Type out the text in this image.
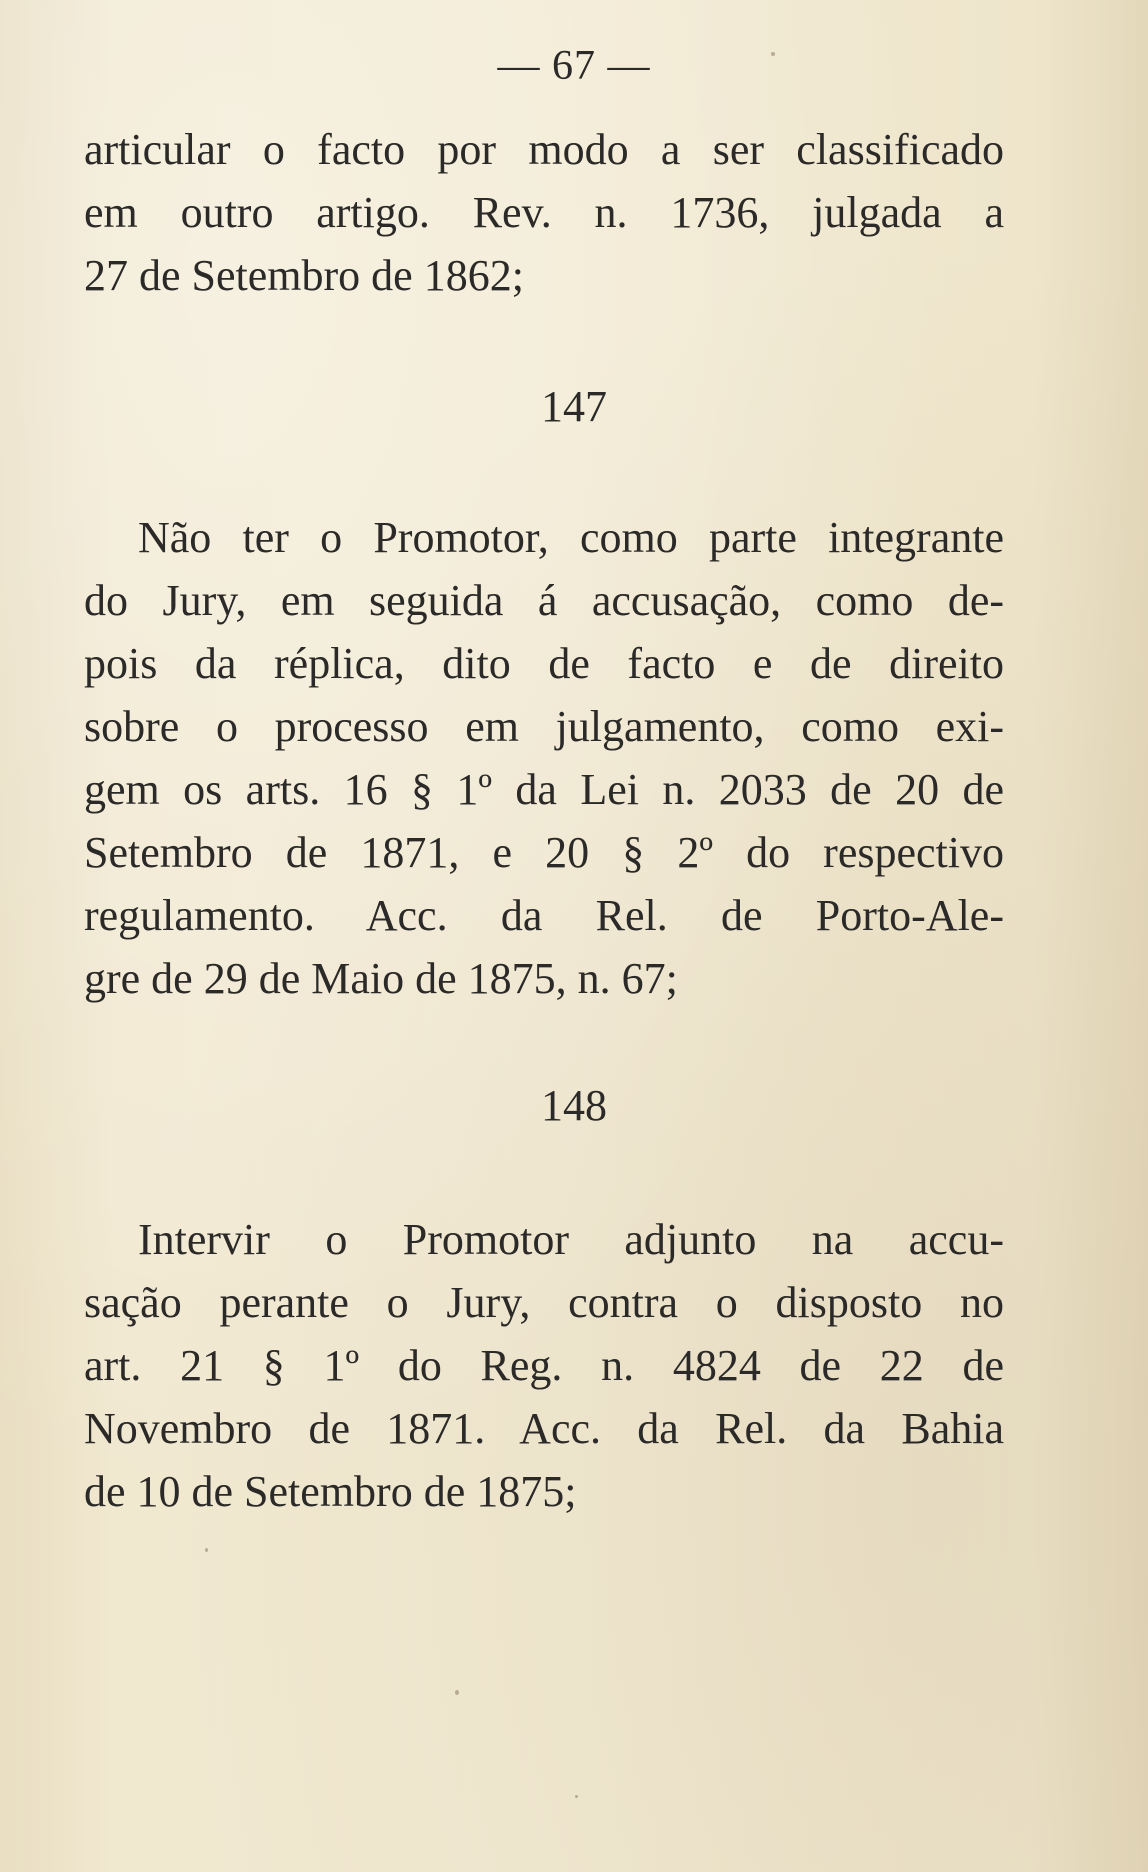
— 67 —
articular o facto por modo a ser classificado
em outro artigo. Rev. n. 1736, julgada a
27 de Setembro de 1862;
147
Não ter o Promotor, como parte integrante
do Jury, em seguida á accusação, como de-
pois da réplica, dito de facto e de direito
sobre o processo em julgamento, como exi-
gem os arts. 16 § 1º da Lei n. 2033 de 20 de
Setembro de 1871, e 20 § 2º do respectivo
regulamento. Acc. da Rel. de Porto-Ale-
gre de 29 de Maio de 1875, n. 67;
148
Intervir o Promotor adjunto na accu-
sação perante o Jury, contra o disposto no
art. 21 § 1º do Reg. n. 4824 de 22 de
Novembro de 1871. Acc. da Rel. da Bahia
de 10 de Setembro de 1875;
